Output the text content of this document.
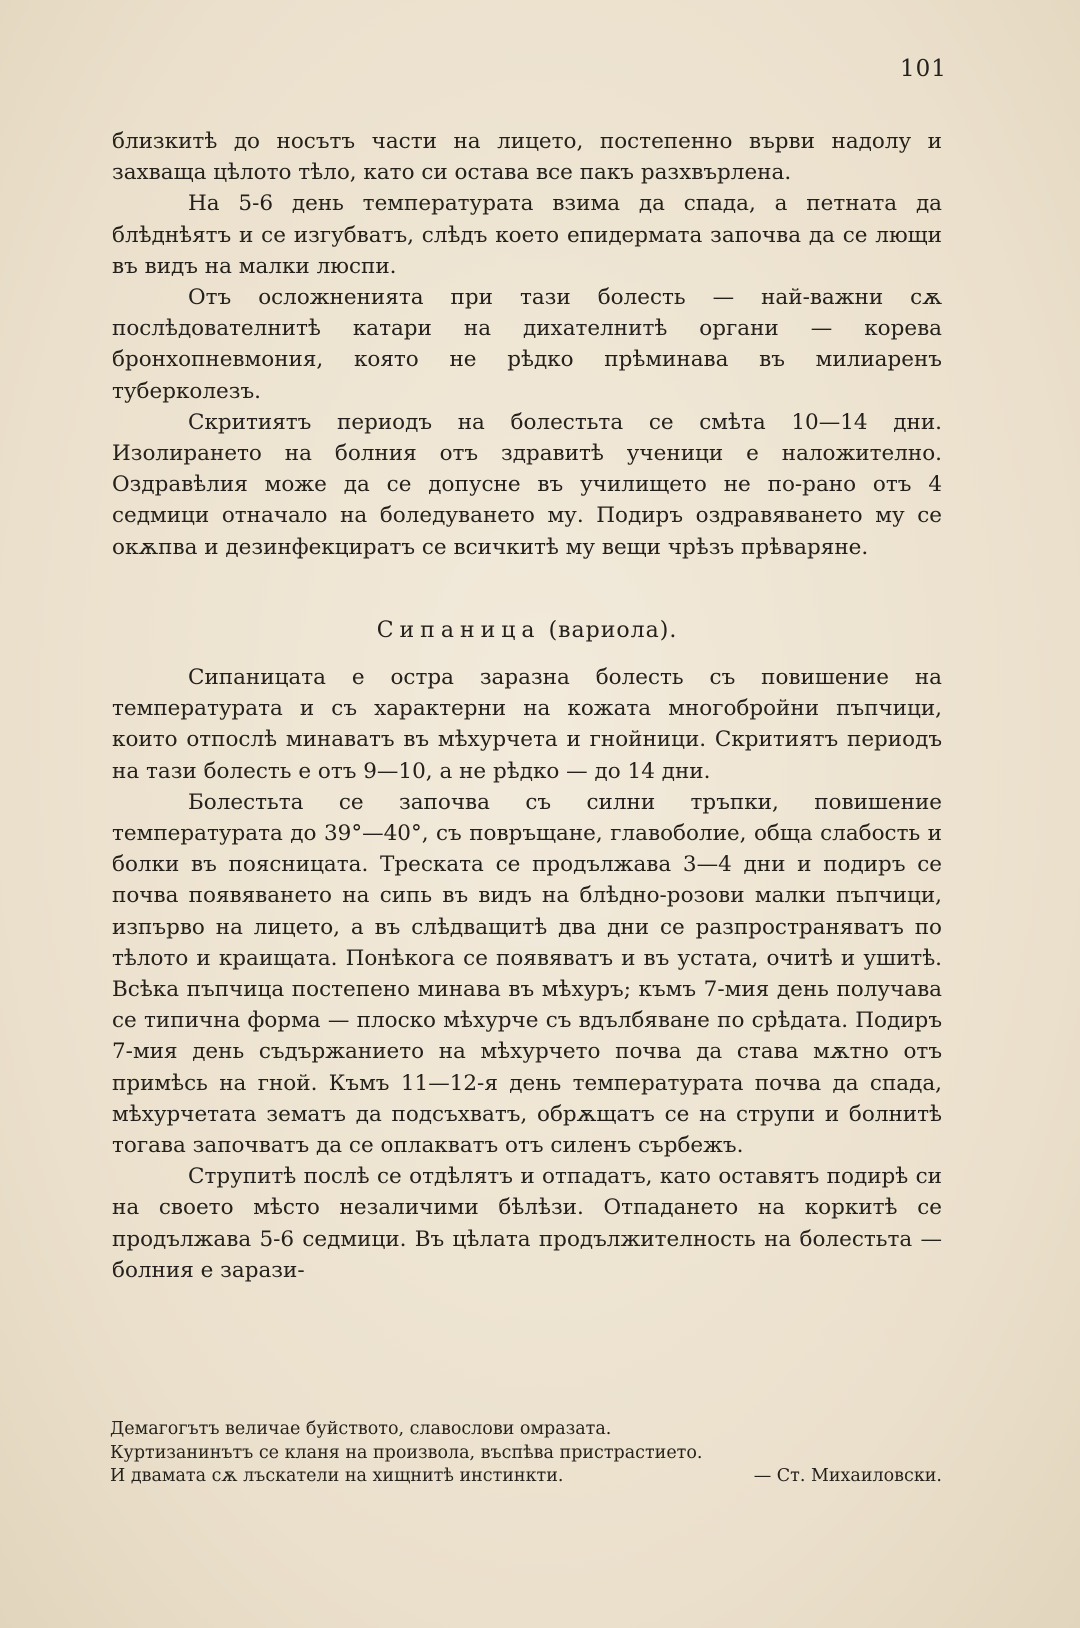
101

близкитѣ до носътъ части на лицето, постепенно върви надолу и захваща цѣлото тѣло, като си остава все пакъ разхвърлена.

На 5-6 день температурата взима да спада, а петната да блѣднѣятъ и се изгубватъ, слѣдъ което епидермата започва да се лющи въ видъ на малки люспи.

Отъ осложненията при тази болесть — най-важни сѫ послѣдователнитѣ катари на дихателнитѣ органи — корева бронхопневмония, която не рѣдко прѣминава въ милиаренъ туберколезъ.

Скритиятъ периодъ на болестьта се смѣта 10—14 дни. Изолирането на болния отъ здравитѣ ученици е наложително. Оздравѣлия може да се допусне въ училището не по-рано отъ 4 седмици отначало на боледуването му. Подиръ оздравяването му се окѫпва и дезинфекциратъ се всичкитѣ му вещи чрѣзъ прѣваряне.

Сипаница (вариола).

Сипаницата е остра заразна болесть съ повишение на температурата и съ характерни на кожата многобройни пъпчици, които отпослѣ минаватъ въ мѣхурчета и гнойници. Скритиятъ периодъ на тази болесть е отъ 9—10, а не рѣдко — до 14 дни.

Болестьта се започва съ силни тръпки, повишение температурата до 39°—40°, съ повръщане, главоболие, обща слабость и болки въ поясницата. Треската се продължава 3—4 дни и подиръ се почва появяването на сипь въ видъ на блѣдно-розови малки пъпчици, изпърво на лицето, а въ слѣдващитѣ два дни се разпространяватъ по тѣлото и краищата. Понѣкога се появяватъ и въ устата, очитѣ и ушитѣ. Всѣка пъпчица постепено минава въ мѣхуръ; къмъ 7-мия день получава се типична форма — плоско мѣхурче съ вдълбяване по срѣдата. Подиръ 7-мия день съдържанието на мѣхурчето почва да става мѫтно отъ примѣсь на гной. Къмъ 11—12-я день температурата почва да спада, мѣхурчетата зематъ да подсъхватъ, обрѫщатъ се на струпи и болнитѣ тогава започватъ да се оплакватъ отъ силенъ сърбежъ.

Струпитѣ послѣ се отдѣлятъ и отпадатъ, като оставятъ подирѣ си на своето мѣсто незаличими бѣлѣзи. Отпадането на коркитѣ се продължава 5-6 седмици. Въ цѣлата продължителность на болестьта — болния е зарази-

Демагогътъ величае буйството, славослови омразата.
Куртизанинътъ се кланя на произвола, въспѣва пристрастието.
И двамата сѫ лъскатели на хищнитѣ инстинкти.	— Ст. Михаиловски.
